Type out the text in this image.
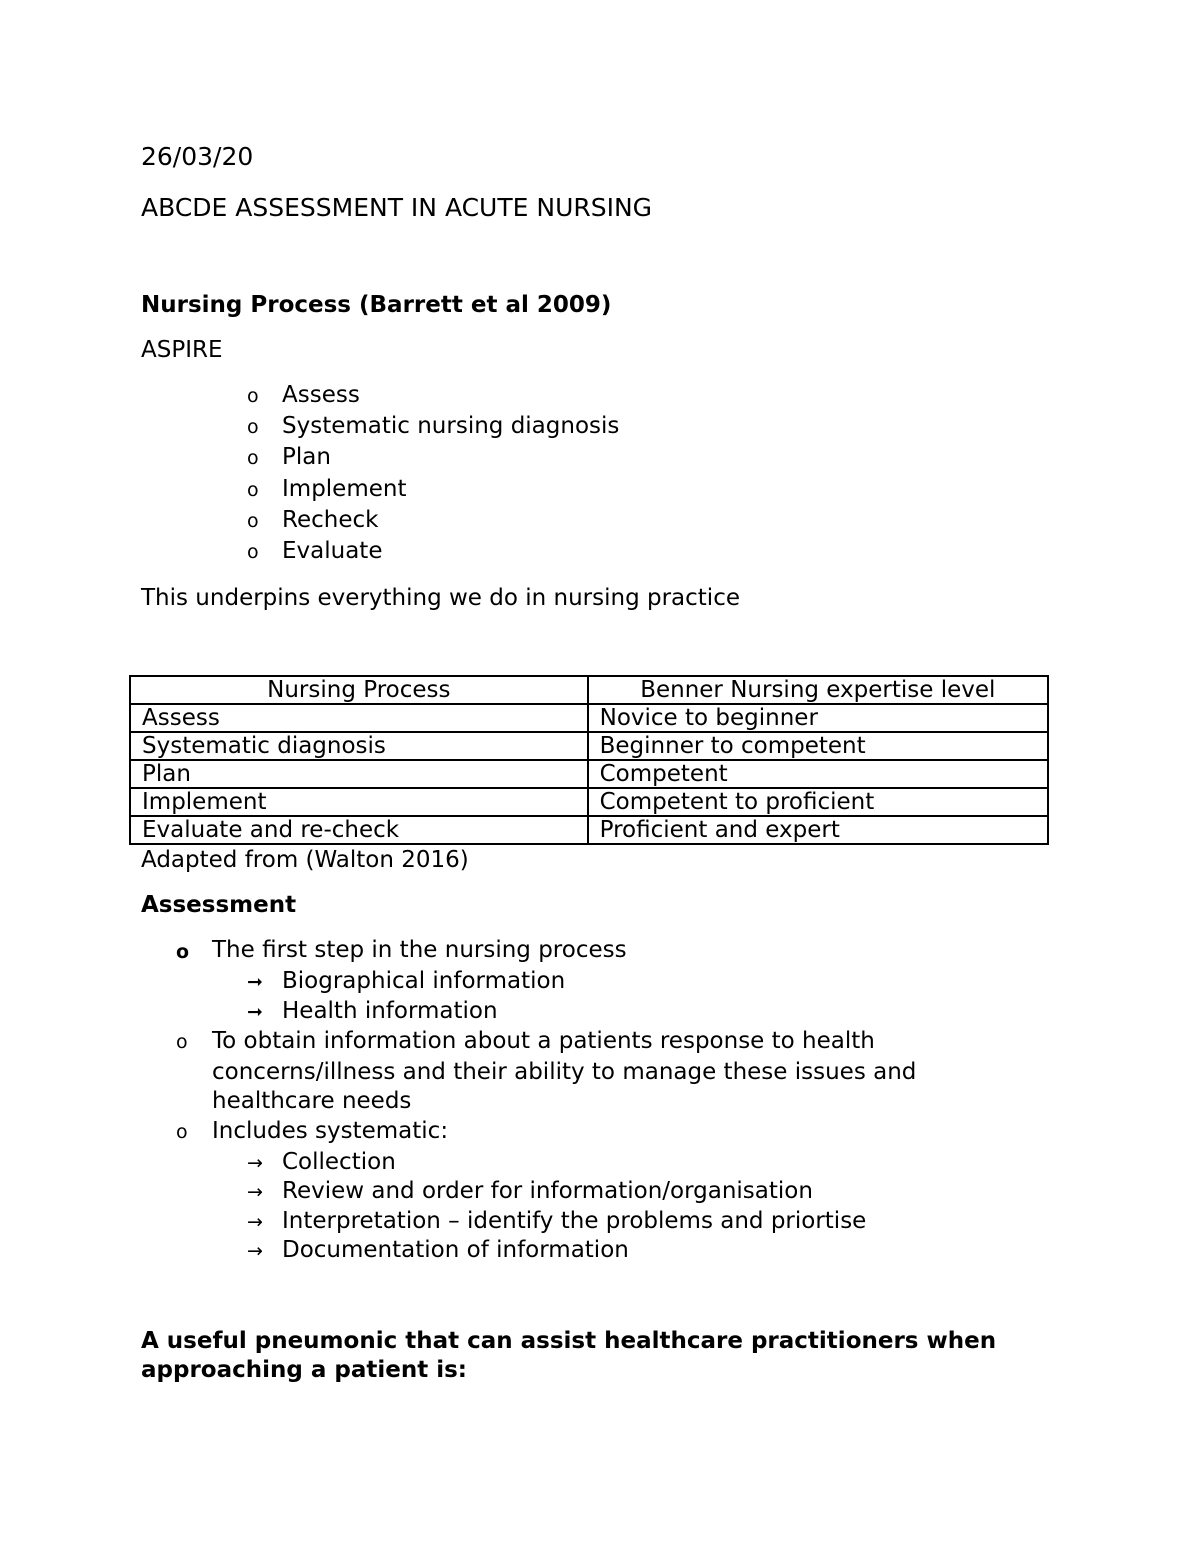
26/03/20
ABCDE ASSESSMENT IN ACUTE NURSING
Nursing Process (Barrett et al 2009)
ASPIRE
o Assess
o Systematic nursing diagnosis
o Plan
o Implement
o Recheck
o Evaluate
This underpins everything we do in nursing practice
Nursing Process	Benner Nursing expertise level
Assess	Novice to beginner
Systematic diagnosis	Beginner to competent
Plan	Competent
Implement	Competent to proficient
Evaluate and re-check	Proficient and expert
Adapted from (Walton 2016)
Assessment
o The first step in the nursing process
➞ Biographical information
➞ Health information
o To obtain information about a patients response to health
concerns/illness and their ability to manage these issues and
healthcare needs
o Includes systematic:
→ Collection
→ Review and order for information/organisation
→ Interpretation – identify the problems and priortise
→ Documentation of information
A useful pneumonic that can assist healthcare practitioners when
approaching a patient is:
